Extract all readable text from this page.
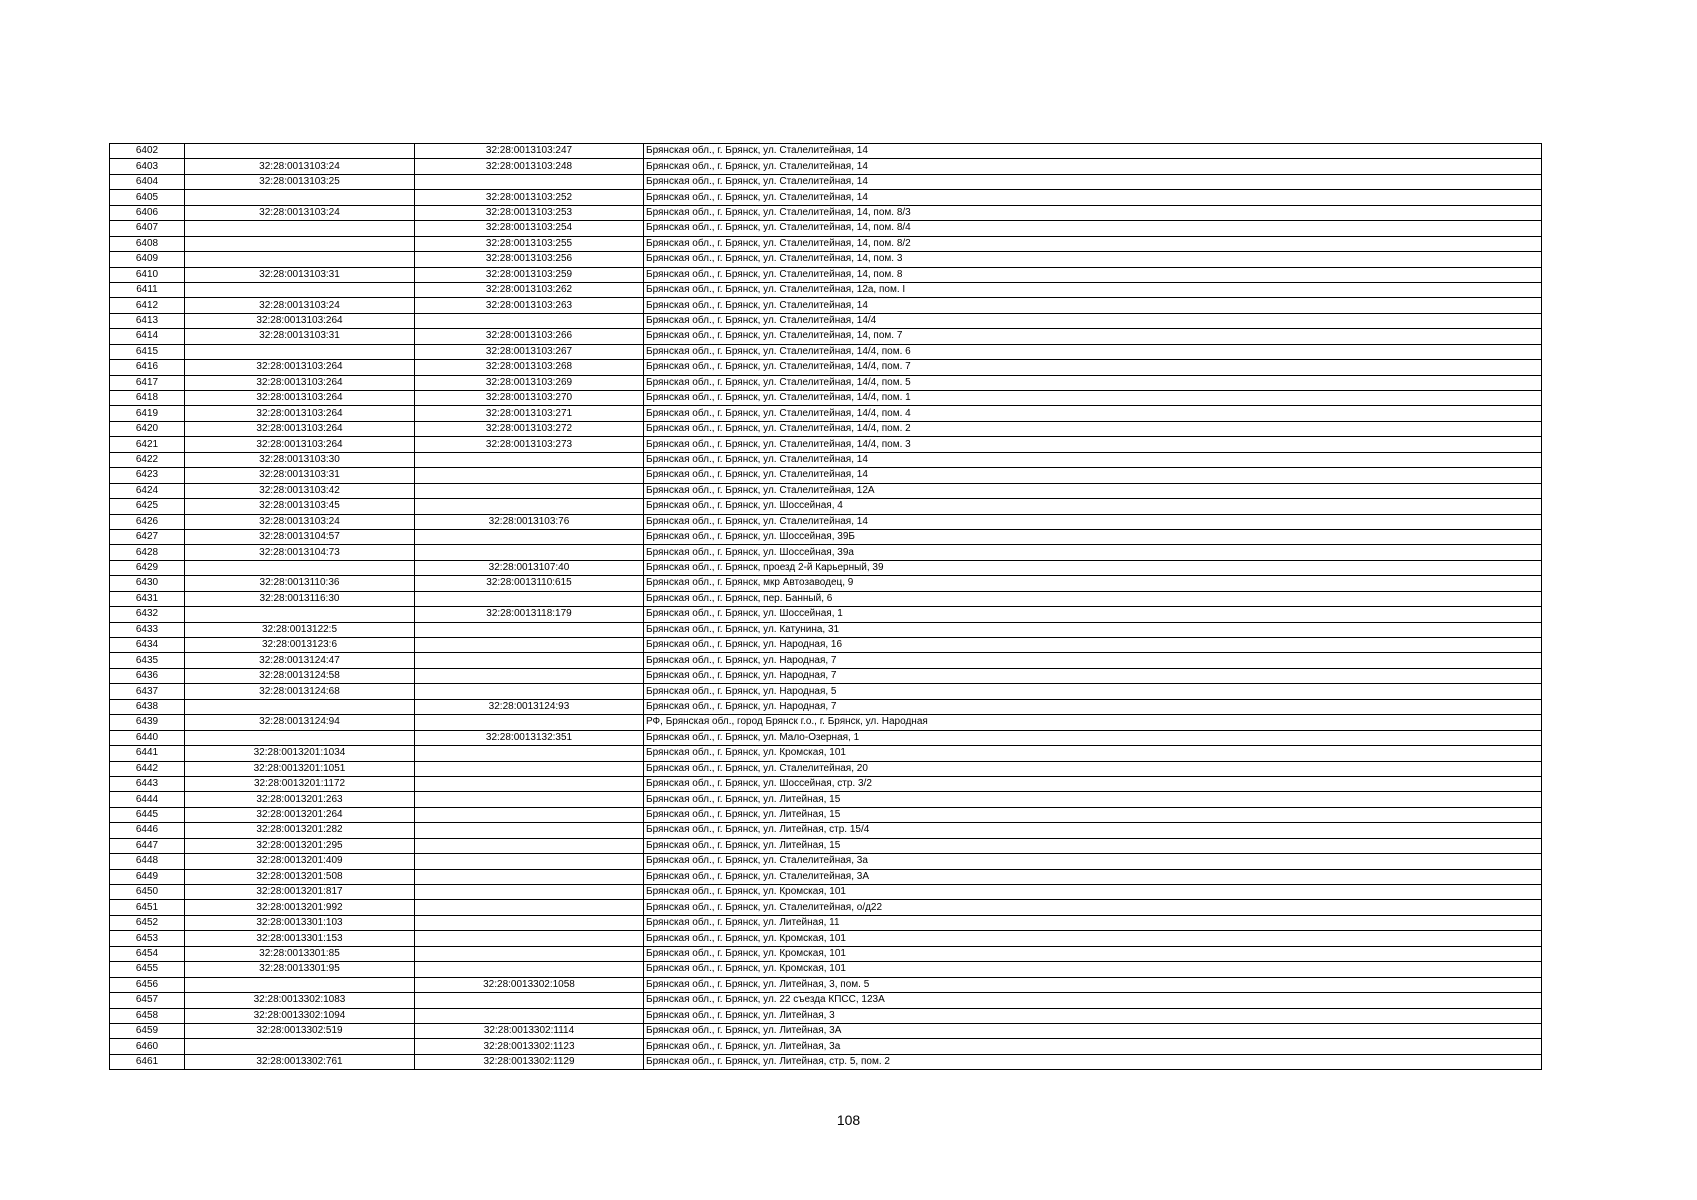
6402		32:28:0013103:247	Брянская обл., г. Брянск, ул. Сталелитейная, 14
6403	32:28:0013103:24	32:28:0013103:248	Брянская обл., г. Брянск, ул. Сталелитейная, 14
6404	32:28:0013103:25		Брянская обл., г. Брянск, ул. Сталелитейная, 14
6405		32:28:0013103:252	Брянская обл., г. Брянск, ул. Сталелитейная, 14
6406	32:28:0013103:24	32:28:0013103:253	Брянская обл., г. Брянск, ул. Сталелитейная, 14, пом. 8/3
6407		32:28:0013103:254	Брянская обл., г. Брянск, ул. Сталелитейная, 14, пом. 8/4
6408		32:28:0013103:255	Брянская обл., г. Брянск, ул. Сталелитейная, 14, пом. 8/2
6409		32:28:0013103:256	Брянская обл., г. Брянск, ул. Сталелитейная, 14, пом. 3
6410	32:28:0013103:31	32:28:0013103:259	Брянская обл., г. Брянск, ул. Сталелитейная, 14, пом. 8
6411		32:28:0013103:262	Брянская обл., г. Брянск, ул. Сталелитейная, 12а, пом. I
6412	32:28:0013103:24	32:28:0013103:263	Брянская обл., г. Брянск, ул. Сталелитейная, 14
6413	32:28:0013103:264		Брянская обл., г. Брянск, ул. Сталелитейная, 14/4
6414	32:28:0013103:31	32:28:0013103:266	Брянская обл., г. Брянск, ул. Сталелитейная, 14, пом. 7
6415		32:28:0013103:267	Брянская обл., г. Брянск, ул. Сталелитейная, 14/4, пом. 6
6416	32:28:0013103:264	32:28:0013103:268	Брянская обл., г. Брянск, ул. Сталелитейная, 14/4, пом. 7
6417	32:28:0013103:264	32:28:0013103:269	Брянская обл., г. Брянск, ул. Сталелитейная, 14/4, пом. 5
6418	32:28:0013103:264	32:28:0013103:270	Брянская обл., г. Брянск, ул. Сталелитейная, 14/4, пом. 1
6419	32:28:0013103:264	32:28:0013103:271	Брянская обл., г. Брянск, ул. Сталелитейная, 14/4, пом. 4
6420	32:28:0013103:264	32:28:0013103:272	Брянская обл., г. Брянск, ул. Сталелитейная, 14/4, пом. 2
6421	32:28:0013103:264	32:28:0013103:273	Брянская обл., г. Брянск, ул. Сталелитейная, 14/4, пом. 3
6422	32:28:0013103:30		Брянская обл., г. Брянск, ул. Сталелитейная, 14
6423	32:28:0013103:31		Брянская обл., г. Брянск, ул. Сталелитейная, 14
6424	32:28:0013103:42		Брянская обл., г. Брянск, ул. Сталелитейная, 12А
6425	32:28:0013103:45		Брянская обл., г. Брянск, ул. Шоссейная, 4
6426	32:28:0013103:24	32:28:0013103:76	Брянская обл., г. Брянск, ул. Сталелитейная, 14
6427	32:28:0013104:57		Брянская обл., г. Брянск, ул. Шоссейная, 39Б
6428	32:28:0013104:73		Брянская обл., г. Брянск, ул. Шоссейная, 39а
6429		32:28:0013107:40	Брянская обл., г. Брянск, проезд 2-й Карьерный, 39
6430	32:28:0013110:36	32:28:0013110:615	Брянская обл., г. Брянск, мкр Автозаводец, 9
6431	32:28:0013116:30		Брянская обл., г. Брянск, пер. Банный, 6
6432		32:28:0013118:179	Брянская обл., г. Брянск, ул. Шоссейная, 1
6433	32:28:0013122:5		Брянская обл., г. Брянск, ул. Катунина, 31
6434	32:28:0013123:6		Брянская обл., г. Брянск, ул. Народная, 16
6435	32:28:0013124:47		Брянская обл., г. Брянск, ул. Народная, 7
6436	32:28:0013124:58		Брянская обл., г. Брянск, ул. Народная, 7
6437	32:28:0013124:68		Брянская обл., г. Брянск, ул. Народная, 5
6438		32:28:0013124:93	Брянская обл., г. Брянск, ул. Народная, 7
6439	32:28:0013124:94		РФ, Брянская обл., город Брянск г.о., г. Брянск, ул. Народная
6440		32:28:0013132:351	Брянская обл., г. Брянск, ул. Мало-Озерная, 1
6441	32:28:0013201:1034		Брянская обл., г. Брянск, ул. Кромская, 101
6442	32:28:0013201:1051		Брянская обл., г. Брянск, ул. Сталелитейная, 20
6443	32:28:0013201:1172		Брянская обл., г. Брянск, ул. Шоссейная, стр. 3/2
6444	32:28:0013201:263		Брянская обл., г. Брянск, ул. Литейная, 15
6445	32:28:0013201:264		Брянская обл., г. Брянск, ул. Литейная, 15
6446	32:28:0013201:282		Брянская обл., г. Брянск, ул. Литейная, стр. 15/4
6447	32:28:0013201:295		Брянская обл., г. Брянск, ул. Литейная, 15
6448	32:28:0013201:409		Брянская обл., г. Брянск, ул. Сталелитейная, 3а
6449	32:28:0013201:508		Брянская обл., г. Брянск, ул. Сталелитейная, 3А
6450	32:28:0013201:817		Брянская обл., г. Брянск, ул. Кромская, 101
6451	32:28:0013201:992		Брянская обл., г. Брянск, ул. Сталелитейная, о/д22
6452	32:28:0013301:103		Брянская обл., г. Брянск, ул. Литейная, 11
6453	32:28:0013301:153		Брянская обл., г. Брянск, ул. Кромская, 101
6454	32:28:0013301:85		Брянская обл., г. Брянск, ул. Кромская, 101
6455	32:28:0013301:95		Брянская обл., г. Брянск, ул. Кромская, 101
6456		32:28:0013302:1058	Брянская обл., г. Брянск, ул. Литейная, 3, пом. 5
6457	32:28:0013302:1083		Брянская обл., г. Брянск, ул. 22 съезда КПСС, 123А
6458	32:28:0013302:1094		Брянская обл., г. Брянск, ул. Литейная, 3
6459	32:28:0013302:519	32:28:0013302:1114	Брянская обл., г. Брянск, ул. Литейная, 3А
6460		32:28:0013302:1123	Брянская обл., г. Брянск, ул. Литейная, 3а
6461	32:28:0013302:761	32:28:0013302:1129	Брянская обл., г. Брянск, ул. Литейная, стр. 5, пом. 2
108
